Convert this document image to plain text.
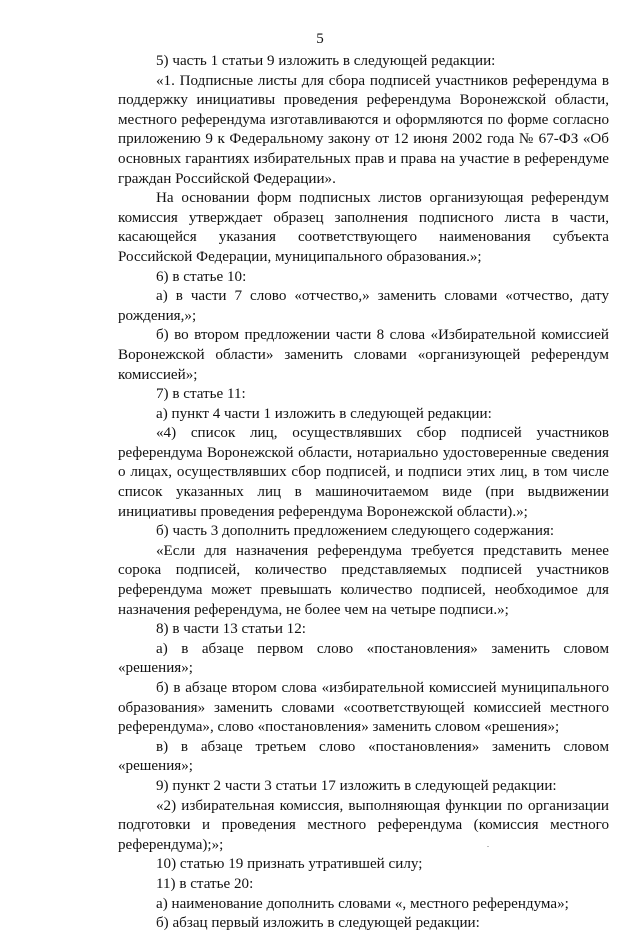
5

5) часть 1 статьи 9 изложить в следующей редакции:

«1. Подписные листы для сбора подписей участников референдума в поддержку инициативы проведения референдума Воронежской области, местного референдума изготавливаются и оформляются по форме согласно приложению 9 к Федеральному закону от 12 июня 2002 года № 67-ФЗ «Об основных гарантиях избирательных прав и права на участие в референдуме граждан Российской Федерации».

На основании форм подписных листов организующая референдум комиссия утверждает образец заполнения подписного листа в части, касающейся указания соответствующего наименования субъекта Российской Федерации, муниципального образования.»;

6) в статье 10:

а) в части 7 слово «отчество,» заменить словами «отчество, дату рождения,»;

б) во втором предложении части 8 слова «Избирательной комиссией Воронежской области» заменить словами «организующей референдум комиссией»;

7) в статье 11:

а) пункт 4 части 1 изложить в следующей редакции:

«4) список лиц, осуществлявших сбор подписей участников референдума Воронежской области, нотариально удостоверенные сведения о лицах, осуществлявших сбор подписей, и подписи этих лиц, в том числе список указанных лиц в машиночитаемом виде (при выдвижении инициативы проведения референдума Воронежской области).»;

б) часть 3 дополнить предложением следующего содержания:

«Если для назначения референдума требуется представить менее сорока подписей, количество представляемых подписей участников референдума может превышать количество подписей, необходимое для назначения референдума, не более чем на четыре подписи.»;

8) в части 13 статьи 12:

а) в абзаце первом слово «постановления» заменить словом «решения»;

б) в абзаце втором слова «избирательной комиссией муниципального образования» заменить словами «соответствующей комиссией местного референдума», слово «постановления» заменить словом «решения»;

в) в абзаце третьем слово «постановления» заменить словом «решения»;

9) пункт 2 части 3 статьи 17 изложить в следующей редакции:

«2) избирательная комиссия, выполняющая функции по организации подготовки и проведения местного референдума (комиссия местного референдума);»;

10) статью 19 признать утратившей силу;

11) в статье 20:

а) наименование дополнить словами «, местного референдума»;

б) абзац первый изложить в следующей редакции:
